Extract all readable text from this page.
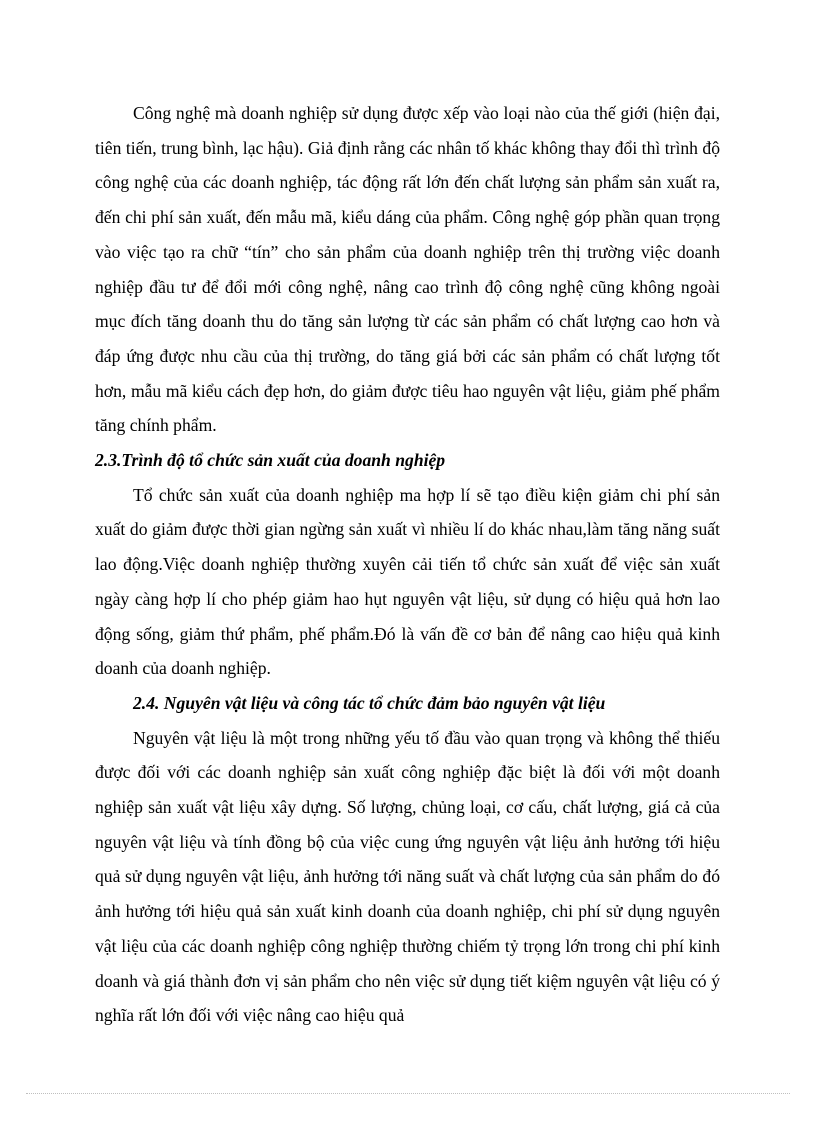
Công nghệ mà doanh nghiệp sử dụng được xếp vào loại nào của thế giới (hiện đại, tiên tiến, trung bình, lạc hậu). Giả định rằng các nhân tố khác không thay đổi thì trình độ công nghệ của các doanh nghiệp, tác động rất lớn đến chất lượng sản phẩm sản xuất ra, đến chi phí sản xuất, đến mẫu mã, kiểu dáng của phẩm. Công nghệ góp phần quan trọng vào việc tạo ra chữ “tín” cho sản phẩm của doanh nghiệp trên thị trường việc doanh nghiệp đầu tư để đổi mới công nghệ, nâng cao trình độ công nghệ cũng không ngoài mục đích tăng doanh thu do tăng sản lượng từ các sản phẩm có chất lượng cao hơn và đáp ứng được nhu cầu của thị trường, do tăng giá bởi các sản phẩm có chất lượng tốt hơn, mẫu mã kiểu cách đẹp hơn, do giảm được tiêu hao nguyên vật liệu, giảm phế phẩm tăng chính phẩm.

2.3.Trình độ tổ chức sản xuất của doanh nghiệp

Tổ chức sản xuất của doanh nghiệp ma hợp lí sẽ tạo điều kiện giảm chi phí sản xuất do giảm được thời gian ngừng sản xuất vì nhiều lí do khác nhau,làm tăng năng suất lao động.Việc doanh nghiệp thường xuyên cải tiến tổ chức sản xuất để việc sản xuất ngày càng hợp lí cho phép giảm hao hụt nguyên vật liệu, sử dụng có hiệu quả hơn lao động sống, giảm thứ phẩm, phế phẩm.Đó là vấn đề cơ bản để nâng cao hiệu quả kinh doanh của doanh nghiệp.

2.4. Nguyên vật liệu và công tác tổ chức đảm bảo nguyên vật liệu

Nguyên vật liệu là một trong những yếu tố đầu vào quan trọng và không thể thiếu được đối với các doanh nghiệp sản xuất công nghiệp đặc biệt là đối với một doanh nghiệp sản xuất vật liệu xây dựng. Số lượng, chủng loại, cơ cấu, chất lượng, giá cả của nguyên vật liệu và tính đồng bộ của việc cung ứng nguyên vật liệu ảnh hưởng tới hiệu quả sử dụng nguyên vật liệu, ảnh hưởng tới năng suất và chất lượng của sản phẩm do đó ảnh hưởng tới hiệu quả sản xuất kinh doanh của doanh nghiệp, chi phí sử dụng nguyên vật liệu của các doanh nghiệp công nghiệp thường chiếm tỷ trọng lớn trong chi phí kinh doanh và giá thành đơn vị sản phẩm cho nên việc sử dụng tiết kiệm nguyên vật liệu có ý nghĩa rất lớn đối với việc nâng cao hiệu quả
